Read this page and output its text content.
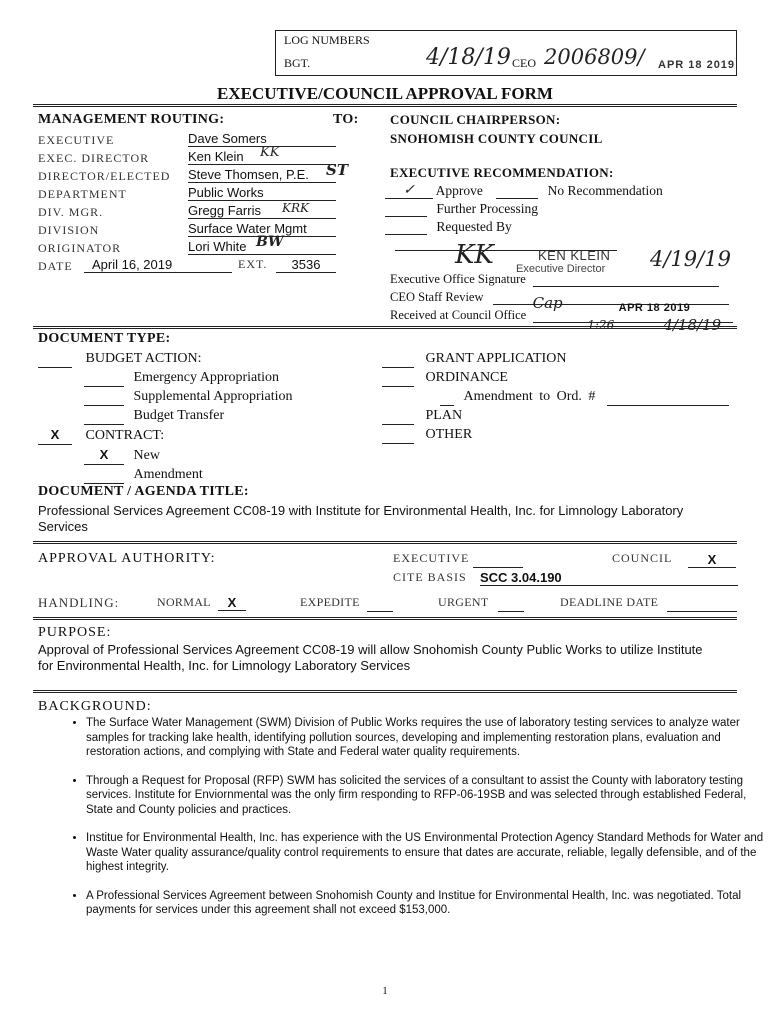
LOG NUMBERS
BGT.	4/18/19 CEO 2006809/ APR 18 2019
EXECUTIVE/COUNCIL APPROVAL FORM
MANAGEMENT ROUTING:	TO:
EXECUTIVE	Dave Somers
EXEC. DIRECTOR	Ken Klein	KK
DIRECTOR/ELECTED Steve Thomsen, P.E.	ST
DEPARTMENT	Public Works
DIV. MGR.	Gregg Farris	KRK
DIVISION	Surface Water Mgmt
ORIGINATOR	Lori White BW
DATE	April 16, 2019	EXT.	3536
COUNCIL CHAIRPERSON:
SNOHOMISH COUNTY COUNCIL
EXECUTIVE RECOMMENDATION:
✓ Approve	No Recommendation
Further Processing
Requested By
KK	KEN KLEIN
Executive Director 4/19/19
Executive Office Signature
CEO Staff Review	Cap	APR 18 2019
Received at Council Office
1:26	4/18/19
DOCUMENT TYPE:
BUDGET ACTION:
Emergency Appropriation
Supplemental Appropriation
Budget Transfer
X CONTRACT:
X New
Amendment
GRANT APPLICATION
ORDINANCE
Amendment to Ord. #
PLAN
OTHER
DOCUMENT / AGENDA TITLE:
Professional Services Agreement CC08-19 with Institute for Environmental Health, Inc. for Limnology Laboratory Services
APPROVAL AUTHORITY:	EXECUTIVE	COUNCIL	X
CITE BASIS SCC 3.04.190
HANDLING:	NORMAL	X	EXPEDITE	URGENT	DEADLINE DATE
PURPOSE:
Approval of Professional Services Agreement CC08-19 will allow Snohomish County Public Works to utilize Institute for Environmental Health, Inc. for Limnology Laboratory Services
BACKGROUND:
• The Surface Water Management (SWM) Division of Public Works requires the use of laboratory testing services to analyze water samples for tracking lake health, identifying pollution sources, developing and implementing restoration plans, evaluation and restoration actions, and complying with State and Federal water quality requirements.
• Through a Request for Proposal (RFP) SWM has solicited the services of a consultant to assist the County with laboratory testing services. Institute for Enviornmental was the only firm responding to RFP-06-19SB and was selected through established Federal, State and County policies and practices.
• Institue for Environmental Health, Inc. has experience with the US Environmental Protection Agency Standard Methods for Water and Waste Water quality assurance/quality control requirements to ensure that dates are accurate, reliable, legally defensible, and of the highest integrity.
• A Professional Services Agreement between Snohomish County and Institue for Environmental Health, Inc. was negotiated. Total payments for services under this agreement shall not exceed $153,000.
1
